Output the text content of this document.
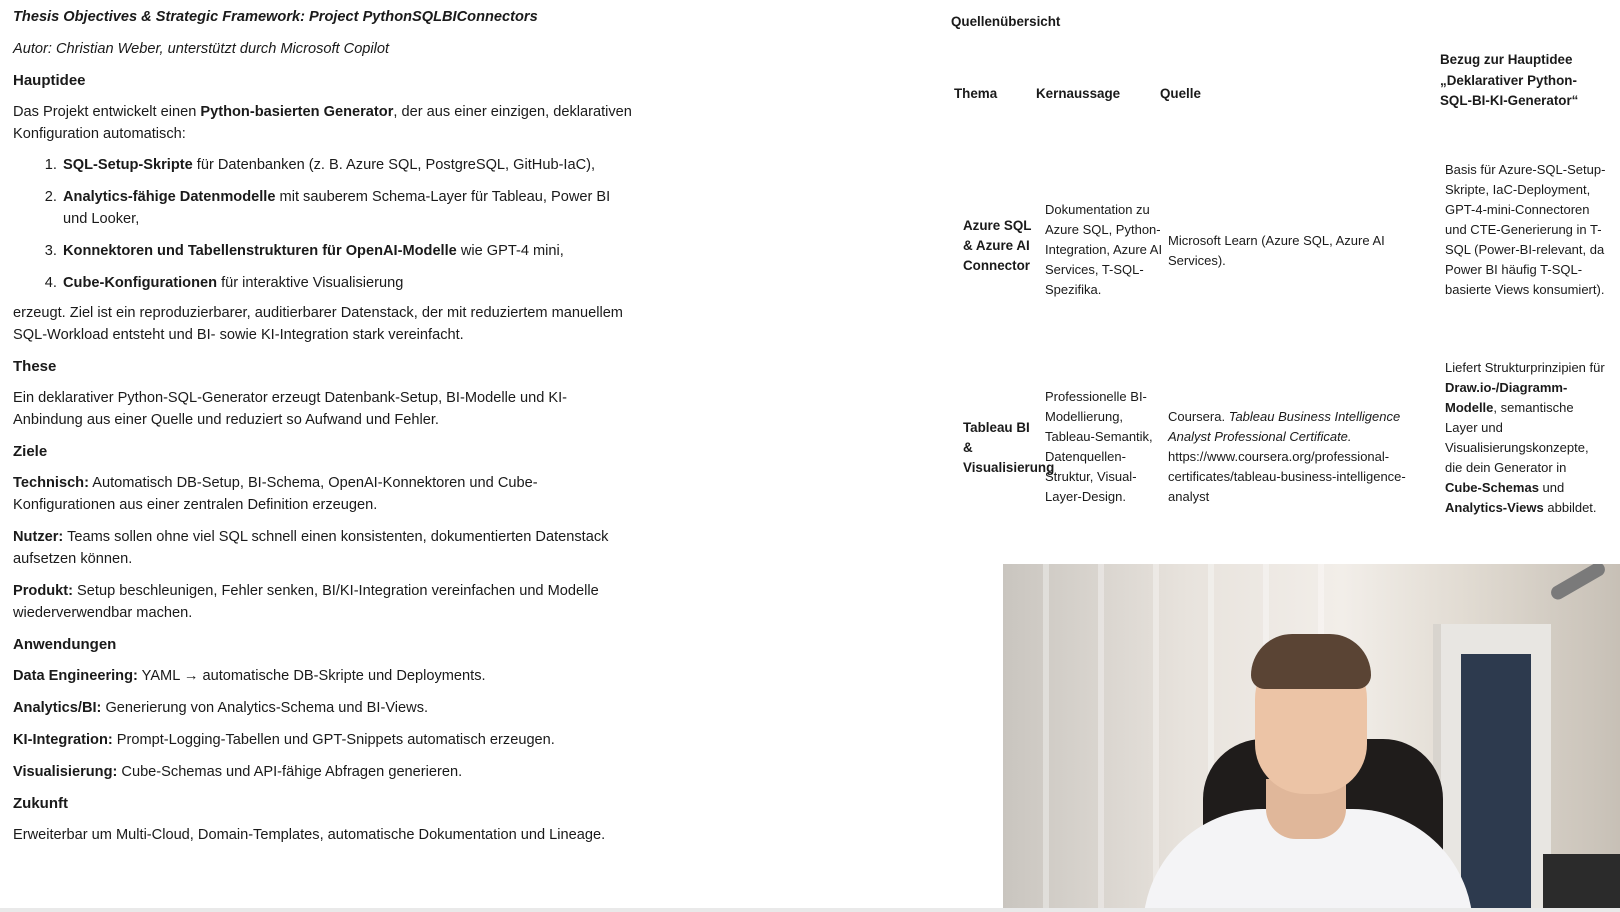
Thesis Objectives & Strategic Framework: Project PythonSQLBIConnectors

Autor: Christian Weber, unterstützt durch Microsoft Copilot

Hauptidee

Das Projekt entwickelt einen Python-basierten Generator, der aus einer einzigen, deklarativen Konfiguration automatisch:

1. SQL-Setup-Skripte für Datenbanken (z. B. Azure SQL, PostgreSQL, GitHub-IaC),
2. Analytics-fähige Datenmodelle mit sauberem Schema-Layer für Tableau, Power BI und Looker,
3. Konnektoren und Tabellenstrukturen für OpenAI-Modelle wie GPT-4 mini,
4. Cube-Konfigurationen für interaktive Visualisierung

erzeugt. Ziel ist ein reproduzierbarer, auditierbarer Datenstack, der mit reduziertem manuellem SQL-Workload entsteht und BI- sowie KI-Integration stark vereinfacht.

These

Ein deklarativer Python-SQL-Generator erzeugt Datenbank-Setup, BI-Modelle und KI-Anbindung aus einer Quelle und reduziert so Aufwand und Fehler.

Ziele

Technisch: Automatisch DB-Setup, BI-Schema, OpenAI-Konnektoren und Cube-Konfigurationen aus einer zentralen Definition erzeugen.

Nutzer: Teams sollen ohne viel SQL schnell einen konsistenten, dokumentierten Datenstack aufsetzen können.

Produkt: Setup beschleunigen, Fehler senken, BI/KI-Integration vereinfachen und Modelle wiederverwendbar machen.

Anwendungen

Data Engineering: YAML → automatische DB-Skripte und Deployments.

Analytics/BI: Generierung von Analytics-Schema und BI-Views.

KI-Integration: Prompt-Logging-Tabellen und GPT-Snippets automatisch erzeugen.

Visualisierung: Cube-Schemas und API-fähige Abfragen generieren.

Zukunft

Erweiterbar um Multi-Cloud, Domain-Templates, automatische Dokumentation und Lineage.

Quellenübersicht
Thema	Kernaussage	Quelle
Bezug zur Hauptidee „Deklarativer Python-SQL-BI-KI-Generator“
Azure SQL & Azure AI Connector
Dokumentation zu Azure SQL, Python-Integration, Azure AI Services, T-SQL-Spezifika.
Microsoft Learn (Azure SQL, Azure AI Services).
Basis für Azure-SQL-Setup-Skripte, IaC-Deployment, GPT-4-mini-Connectoren und CTE-Generierung in T-SQL (Power-BI-relevant, da Power BI häufig T-SQL-basierte Views konsumiert).
Tableau BI & Visualisierung
Professionelle BI-Modellierung, Tableau-Semantik, Datenquellen-Struktur, Visual-Layer-Design.
Coursera. Tableau Business Intelligence Analyst Professional Certificate.
https://www.coursera.org/professional-certificates/tableau-business-intelligence-analyst
Liefert Strukturprinzipien für Draw.io-/Diagramm-Modelle, semantische Layer und Visualisierungskonzepte, die dein Generator in Cube-Schemas und Analytics-Views abbildet.
